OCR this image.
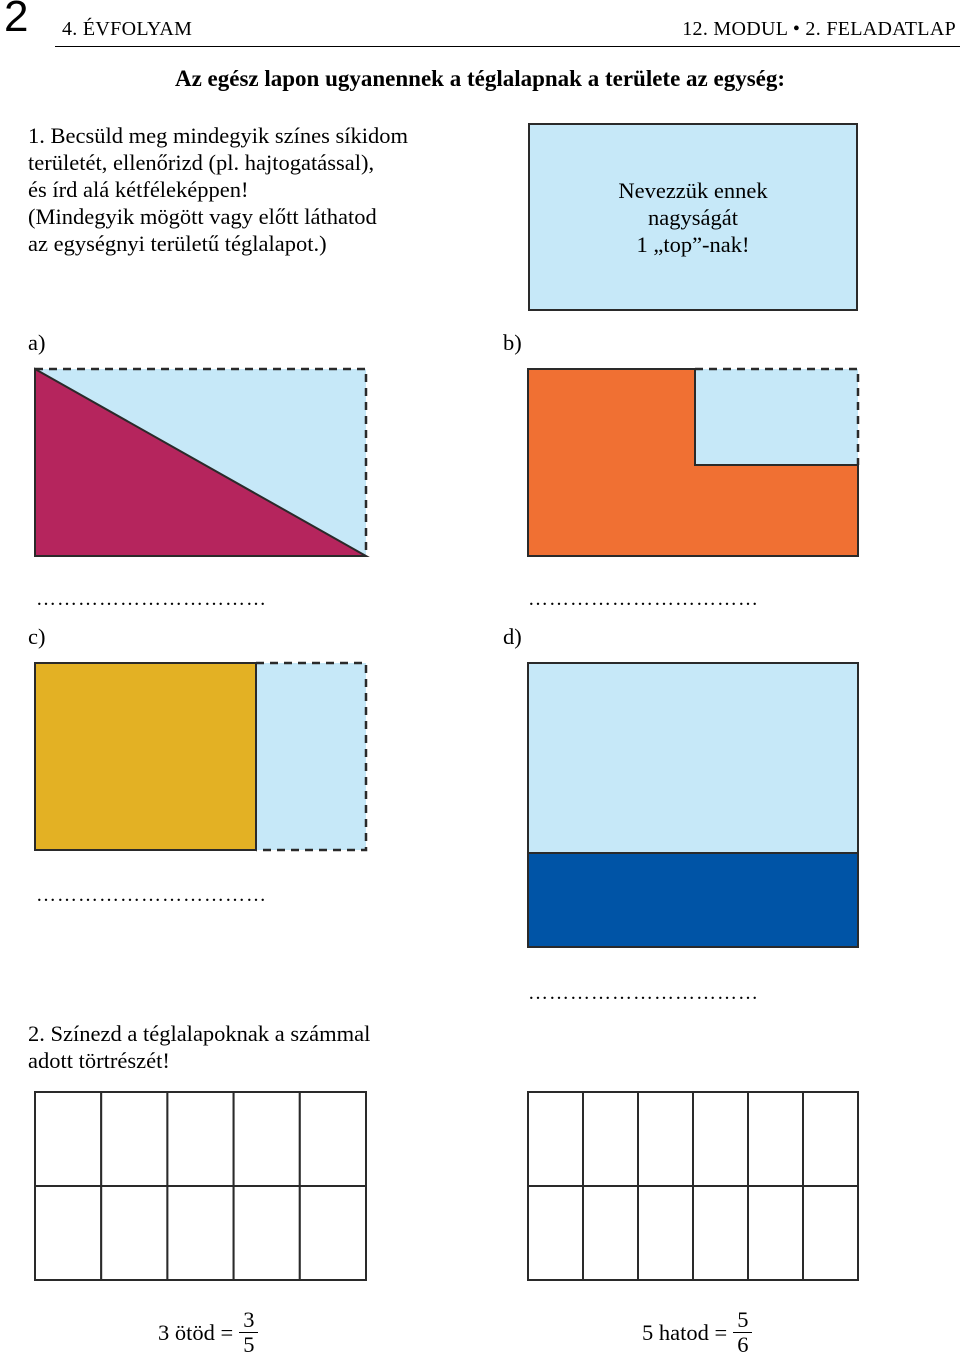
2 4. ÉVFOLYAM	12. MODUL • 2. FELADATLAP
Az egész lapon ugyanennek a téglalapnak a területe az egység:
1. Becsüld meg mindegyik színes síkidom
területét, ellenőrizd (pl. hajtogatással),
és írd alá kétféleképpen!
(Mindegyik mögött vagy előtt láthatod
az egységnyi területű téglalapot.)
Nevezzük ennek
nagyságát
1 „top”-nak!
a)	b)
c)	d)
……………………………	……………………………
……………………………
……………………………
2. Színezd a téglalapoknak a számmal
adott törtrészét!
3 ötöd = $\frac{3}{5}$	5 hatod = $\frac{5}{6}$
